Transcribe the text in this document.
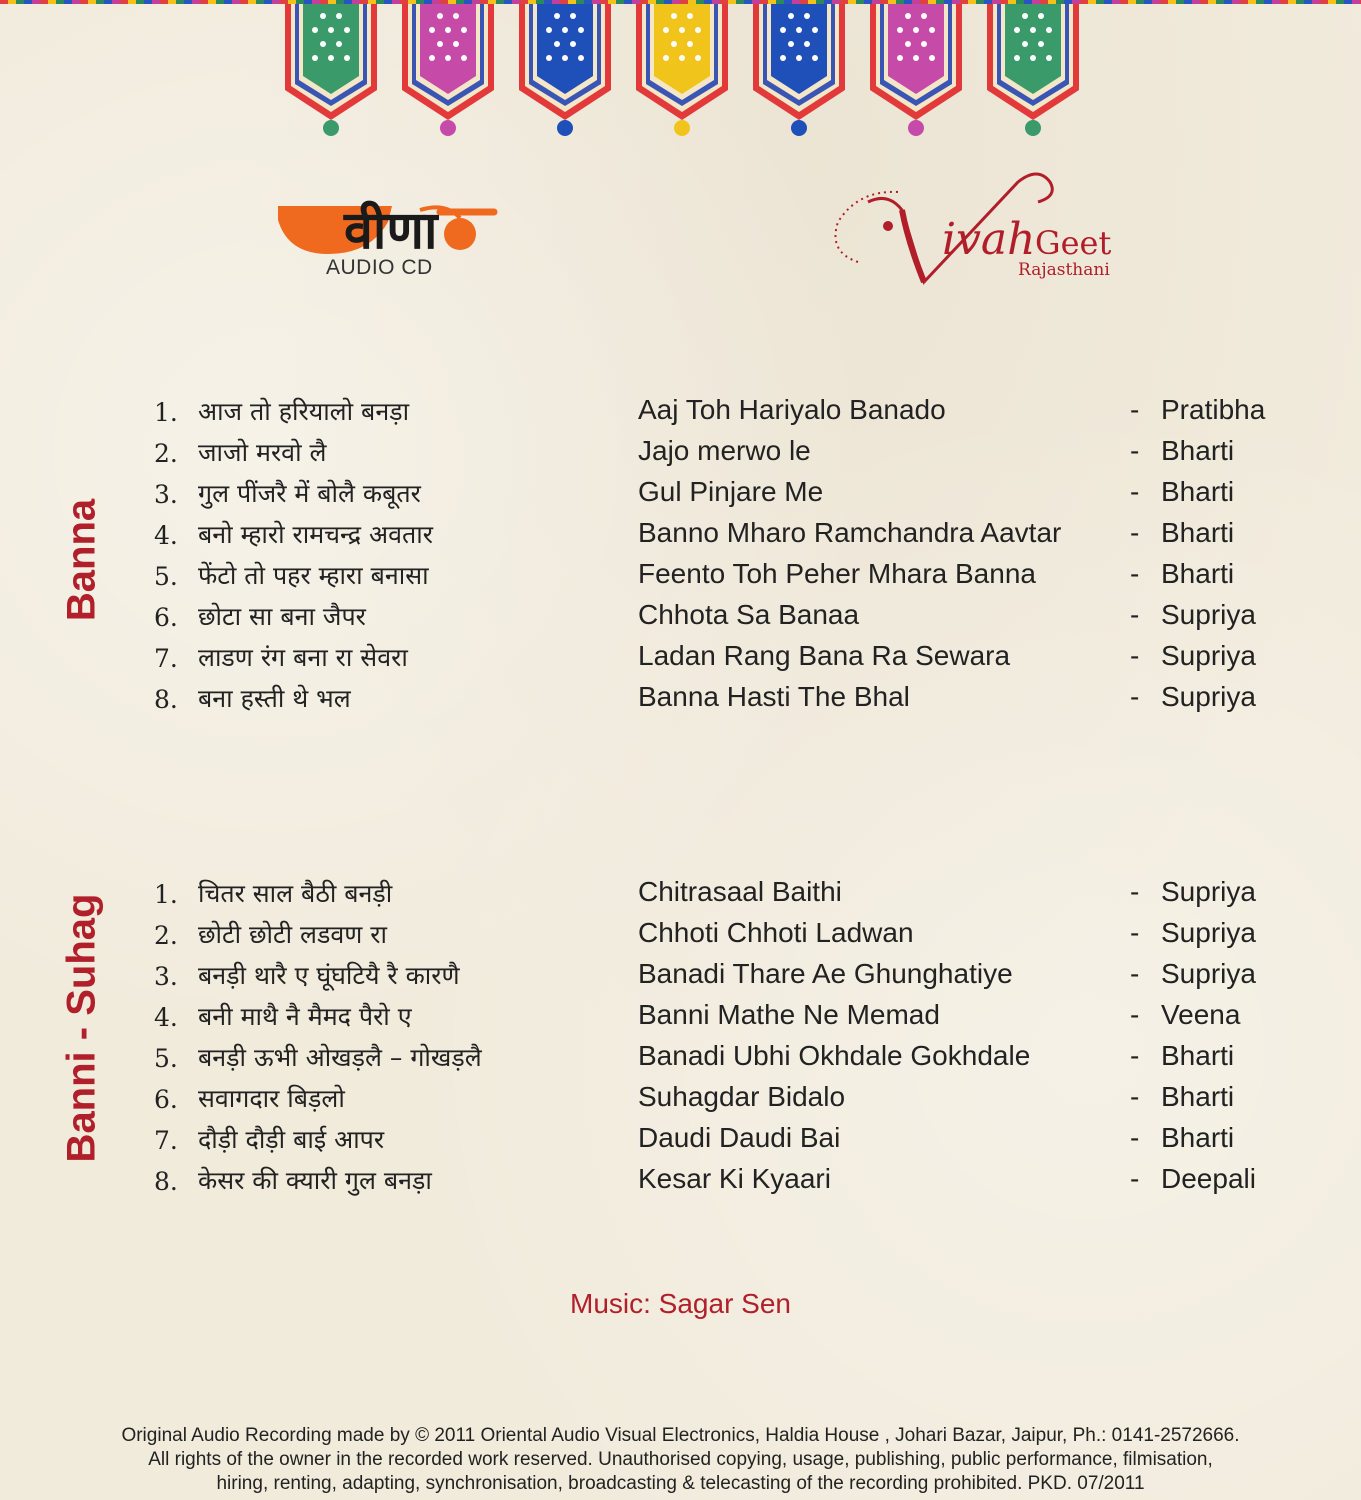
वीणा
AUDIO CD
ivah Geet
Rajasthani
Banna
Banni - Suhag
1. आज तो हरियालो बनड़ा	Aaj Toh Hariyalo Banado	- Pratibha
2. जाजो मरवो लै	Jajo merwo le	- Bharti
3. गुल पींजरै में बोलै कबूतर	Gul Pinjare Me	- Bharti
4. बनो म्हारो रामचन्द्र अवतार	Banno Mharo Ramchandra Aavtar - Bharti
5. फेंटो तो पहर म्हारा बनासा	Feento Toh Peher Mhara Banna	- Bharti
6. छोटा सा बना जैपर	Chhota Sa Banaa	- Supriya
7. लाडण रंग बना रा सेवरा	Ladan Rang Bana Ra Sewara	- Supriya
8. बना हस्ती थे भल	Banna Hasti The Bhal	- Supriya
1. चितर साल बैठी बनड़ी	Chitrasaal Baithi	- Supriya
2. छोटी छोटी लडवण रा	Chhoti Chhoti Ladwan	- Supriya
3. बनड़ी थारै ए घूंघटियै रै कारणै	Banadi Thare Ae Ghunghatiye	- Supriya
4. बनी माथै नै मैमद पैरो ए	Banni Mathe Ne Memad	- Veena
5. बनड़ी ऊभी ओखड़लै – गोखड़लै	Banadi Ubhi Okhdale Gokhdale	- Bharti
6. सवागदार बिड़लो	Suhagdar Bidalo	- Bharti
7. दौड़ी दौड़ी बाई आपर	Daudi Daudi Bai	- Bharti
8. केसर की क्यारी गुल बनड़ा	Kesar Ki Kyaari	- Deepali
Music: Sagar Sen
Original Audio Recording made by © 2011 Oriental Audio Visual Electronics, Haldia House , Johari Bazar, Jaipur, Ph.: 0141-2572666.
All rights of the owner in the recorded work reserved. Unauthorised copying, usage, publishing, public performance, filmisation,
hiring, renting, adapting, synchronisation, broadcasting & telecasting of the recording prohibited. PKD. 07/2011
